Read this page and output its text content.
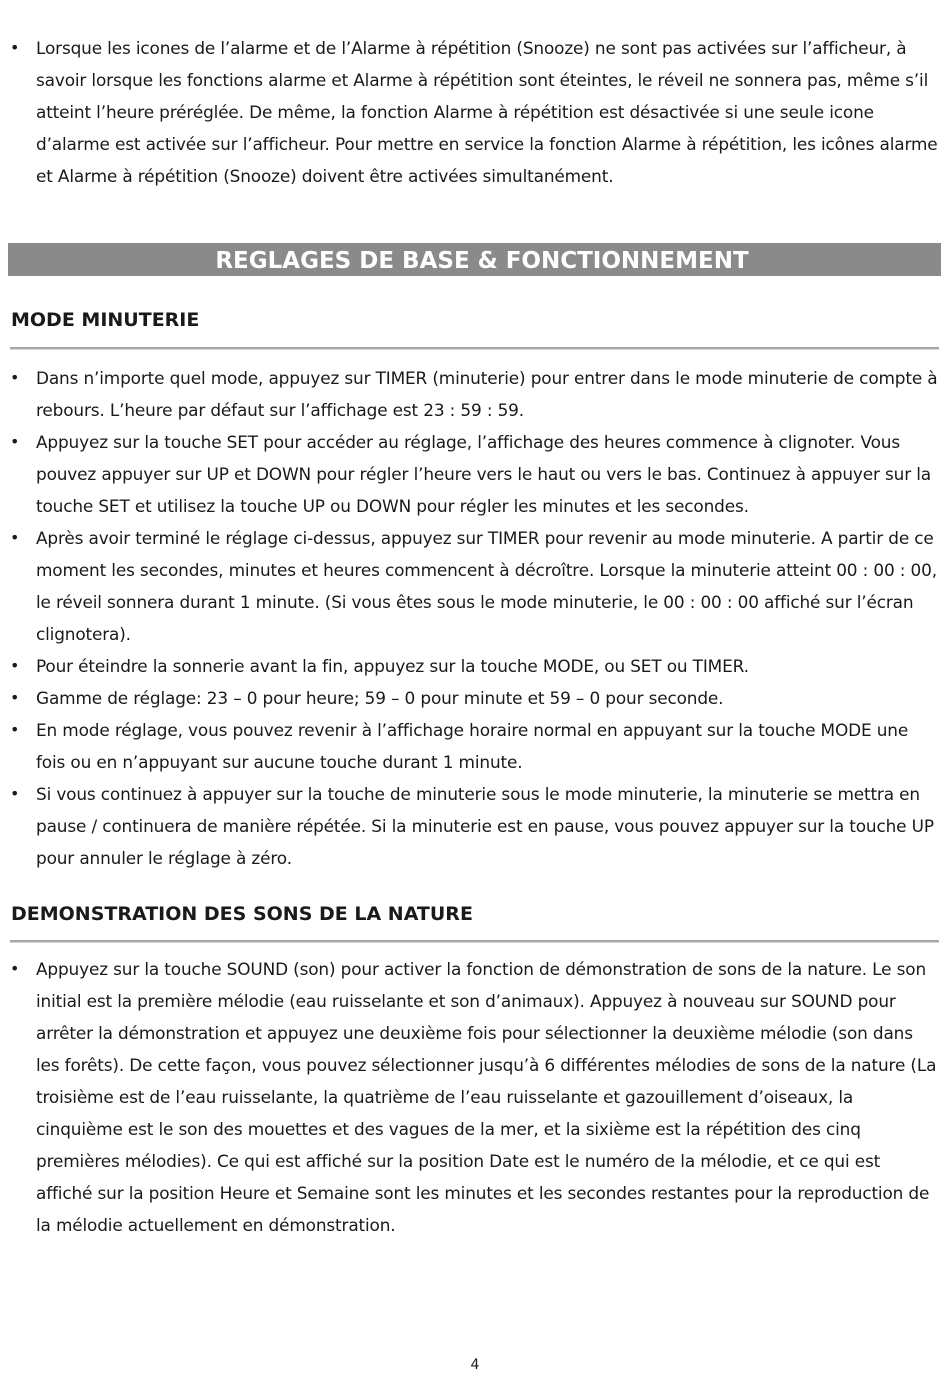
• Lorsque les icones de l’alarme et de l’Alarme à répétition (Snooze) ne sont pas activées sur l’afficheur, à savoir lorsque les fonctions alarme et Alarme à répétition sont éteintes, le réveil ne sonnera pas, même s’il atteint l’heure préréglée. De même, la fonction Alarme à répétition est désactivée si une seule icone d’alarme est activée sur l’afficheur. Pour mettre en service la fonction Alarme à répétition, les icônes alarme et Alarme à répétition (Snooze) doivent être activées simultanément.
REGLAGES DE BASE & FONCTIONNEMENT
MODE MINUTERIE
• Dans n’importe quel mode, appuyez sur TIMER (minuterie) pour entrer dans le mode minuterie de compte à rebours. L’heure par défaut sur l’affichage est 23 : 59 : 59.
• Appuyez sur la touche SET pour accéder au réglage, l’affichage des heures commence à clignoter. Vous pouvez appuyer sur UP et DOWN pour régler l’heure vers le haut ou vers le bas. Continuez à appuyer sur la touche SET et utilisez la touche UP ou DOWN pour régler les minutes et les secondes.
• Après avoir terminé le réglage ci-dessus, appuyez sur TIMER pour revenir au mode minuterie. A partir de ce moment les secondes, minutes et heures commencent à décroître. Lorsque la minuterie atteint 00 : 00 : 00, le réveil sonnera durant 1 minute. (Si vous êtes sous le mode minuterie, le 00 : 00 : 00 affiché sur l’écran clignotera).
• Pour éteindre la sonnerie avant la fin, appuyez sur la touche MODE, ou SET ou TIMER.
• Gamme de réglage: 23 – 0 pour heure; 59 – 0 pour minute et 59 – 0 pour seconde.
• En mode réglage, vous pouvez revenir à l’affichage horaire normal en appuyant sur la touche MODE une fois ou en n’appuyant sur aucune touche durant 1 minute.
• Si vous continuez à appuyer sur la touche de minuterie sous le mode minuterie, la minuterie se mettra en pause / continuera de manière répétée. Si la minuterie est en pause, vous pouvez appuyer sur la touche UP pour annuler le réglage à zéro.
DEMONSTRATION DES SONS DE LA NATURE
• Appuyez sur la touche SOUND (son) pour activer la fonction de démonstration de sons de la nature. Le son initial est la première mélodie (eau ruisselante et son d’animaux). Appuyez à nouveau sur SOUND pour arrêter la démonstration et appuyez une deuxième fois pour sélectionner la deuxième mélodie (son dans les forêts). De cette façon, vous pouvez sélectionner jusqu’à 6 différentes mélodies de sons de la nature (La troisième est de l’eau ruisselante, la quatrième de l’eau ruisselante et gazouillement d’oiseaux, la cinquième est le son des mouettes et des vagues de la mer, et la sixième est la répétition des cinq premières mélodies). Ce qui est affiché sur la position Date est le numéro de la mélodie, et ce qui est affiché sur la position Heure et Semaine sont les minutes et les secondes restantes pour la reproduction de la mélodie actuellement en démonstration.
4
